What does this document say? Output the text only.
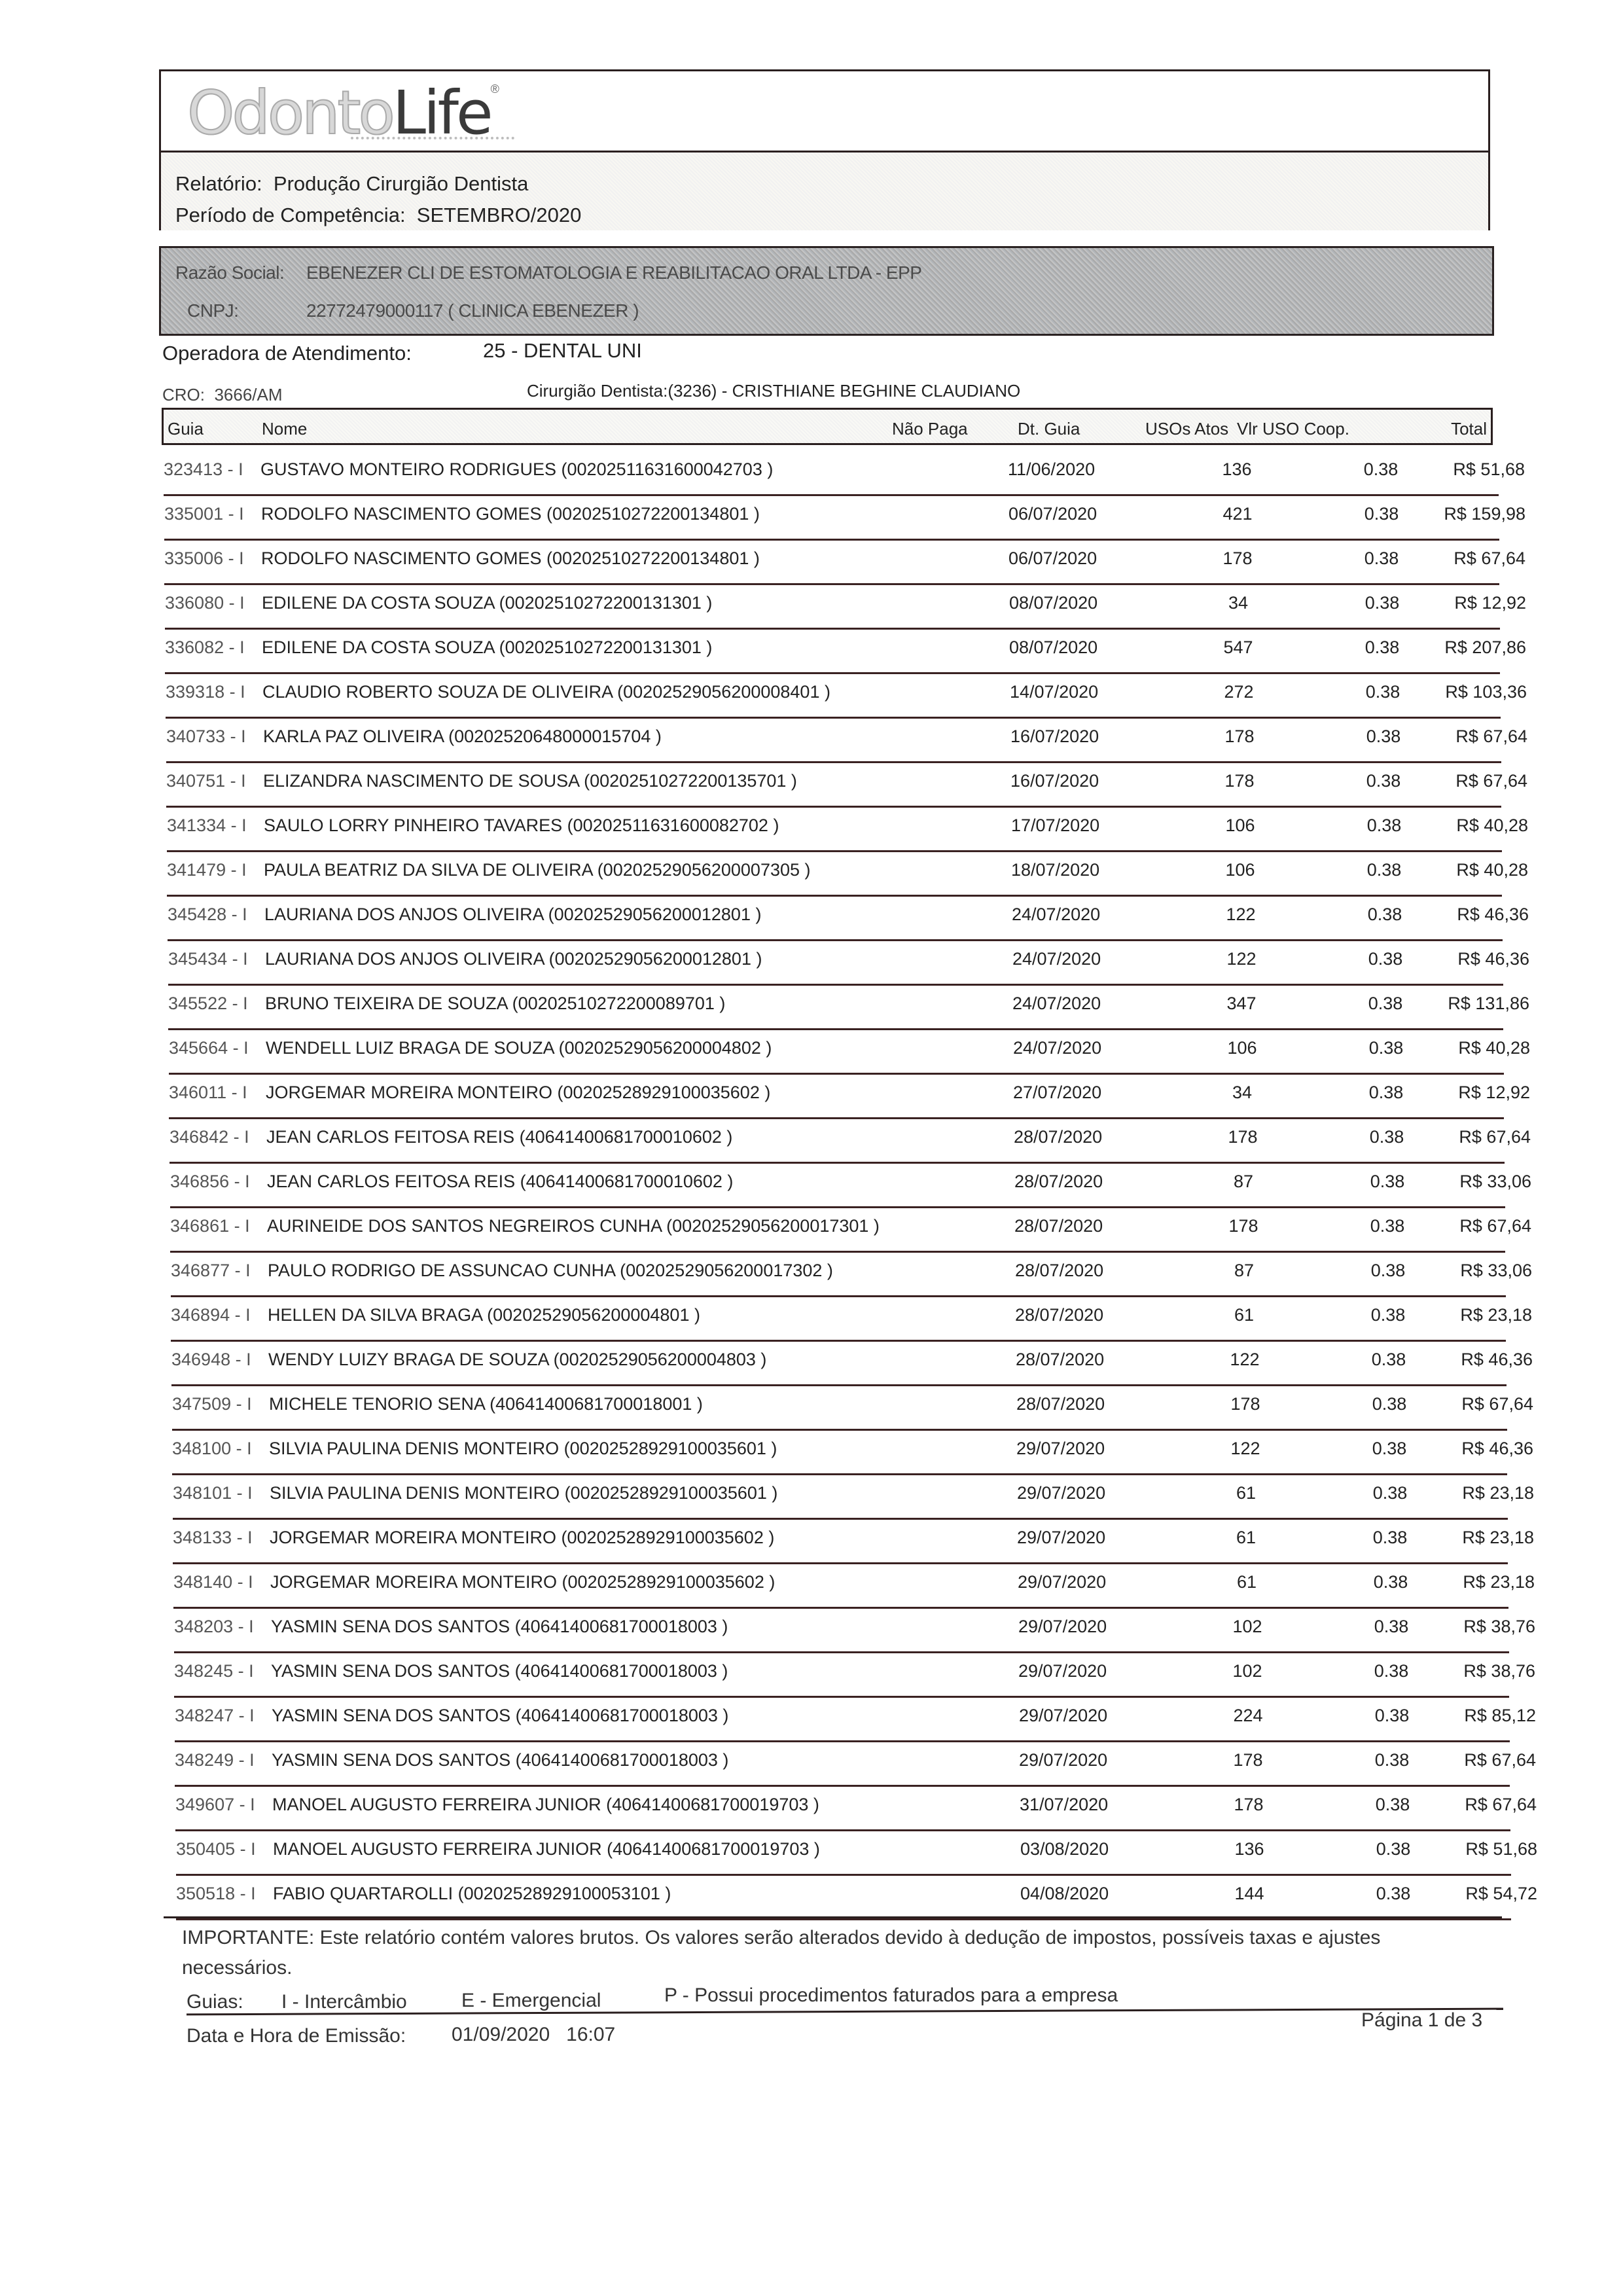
OdontoLife®
Relatório: Produção Cirurgião Dentista
Período de Competência: SETEMBRO/2020
Razão Social: EBENEZER CLI DE ESTOMATOLOGIA E REABILITACAO ORAL LTDA - EPP
CNPJ:	22772479000117 ( CLINICA EBENEZER )
Operadora de Atendimento:	25 - DENTAL UNI
CRO: 3666/AM	Cirurgião Dentista:(3236) - CRISTHIANE BEGHINE CLAUDIANO
Guia	Nome	Não Paga	Dt. Guia	USOs Atos Vlr USO Coop.	Total
323413 - I GUSTAVO MONTEIRO RODRIGUES (00202511631600042703 )	11/06/2020	136	0.38	R$ 51,68
335001 - I RODOLFO NASCIMENTO GOMES (00202510272200134801 )	06/07/2020	421	0.38	R$ 159,98
335006 - I RODOLFO NASCIMENTO GOMES (00202510272200134801 )	06/07/2020	178	0.38	R$ 67,64
336080 - I EDILENE DA COSTA SOUZA (00202510272200131301 )	08/07/2020	34	0.38	R$ 12,92
336082 - I EDILENE DA COSTA SOUZA (00202510272200131301 )	08/07/2020	547	0.38	R$ 207,86
339318 - I CLAUDIO ROBERTO SOUZA DE OLIVEIRA (00202529056200008401 )	14/07/2020	272	0.38	R$ 103,36
340733 - I KARLA PAZ OLIVEIRA (00202520648000015704 )	16/07/2020	178	0.38	R$ 67,64
340751 - I ELIZANDRA NASCIMENTO DE SOUSA (00202510272200135701 )	16/07/2020	178	0.38	R$ 67,64
341334 - I SAULO LORRY PINHEIRO TAVARES (00202511631600082702 )	17/07/2020	106	0.38	R$ 40,28
341479 - I PAULA BEATRIZ DA SILVA DE OLIVEIRA (00202529056200007305 )	18/07/2020	106	0.38	R$ 40,28
345428 - I LAURIANA DOS ANJOS OLIVEIRA (00202529056200012801 )	24/07/2020	122	0.38	R$ 46,36
345434 - I LAURIANA DOS ANJOS OLIVEIRA (00202529056200012801 )	24/07/2020	122	0.38	R$ 46,36
345522 - I BRUNO TEIXEIRA DE SOUZA (00202510272200089701 )	24/07/2020	347	0.38	R$ 131,86
345664 - I WENDELL LUIZ BRAGA DE SOUZA (00202529056200004802 )	24/07/2020	106	0.38	R$ 40,28
346011 - I JORGEMAR MOREIRA MONTEIRO (00202528929100035602 )	27/07/2020	34	0.38	R$ 12,92
346842 - I JEAN CARLOS FEITOSA REIS (40641400681700010602 )	28/07/2020	178	0.38	R$ 67,64
346856 - I JEAN CARLOS FEITOSA REIS (40641400681700010602 )	28/07/2020	87	0.38	R$ 33,06
346861 - I AURINEIDE DOS SANTOS NEGREIROS CUNHA (00202529056200017301 )	28/07/2020	178	0.38	R$ 67,64
346877 - I PAULO RODRIGO DE ASSUNCAO CUNHA (00202529056200017302 )	28/07/2020	87	0.38	R$ 33,06
346894 - I HELLEN DA SILVA BRAGA (00202529056200004801 )	28/07/2020	61	0.38	R$ 23,18
346948 - I WENDY LUIZY BRAGA DE SOUZA (00202529056200004803 )	28/07/2020	122	0.38	R$ 46,36
347509 - I MICHELE TENORIO SENA (40641400681700018001 )	28/07/2020	178	0.38	R$ 67,64
348100 - I SILVIA PAULINA DENIS MONTEIRO (00202528929100035601 )	29/07/2020	122	0.38	R$ 46,36
348101 - I SILVIA PAULINA DENIS MONTEIRO (00202528929100035601 )	29/07/2020	61	0.38	R$ 23,18
348133 - I JORGEMAR MOREIRA MONTEIRO (00202528929100035602 )	29/07/2020	61	0.38	R$ 23,18
348140 - I JORGEMAR MOREIRA MONTEIRO (00202528929100035602 )	29/07/2020	61	0.38	R$ 23,18
348203 - I YASMIN SENA DOS SANTOS (40641400681700018003 )	29/07/2020	102	0.38	R$ 38,76
348245 - I YASMIN SENA DOS SANTOS (40641400681700018003 )	29/07/2020	102	0.38	R$ 38,76
348247 - I YASMIN SENA DOS SANTOS (40641400681700018003 )	29/07/2020	224	0.38	R$ 85,12
348249 - I YASMIN SENA DOS SANTOS (40641400681700018003 )	29/07/2020	178	0.38	R$ 67,64
349607 - I MANOEL AUGUSTO FERREIRA JUNIOR (40641400681700019703 )	31/07/2020	178	0.38	R$ 67,64
350405 - I MANOEL AUGUSTO FERREIRA JUNIOR (40641400681700019703 )	03/08/2020	136	0.38	R$ 51,68
350518 - I FABIO QUARTAROLLI (00202528929100053101 )	04/08/2020	144	0.38	R$ 54,72
IMPORTANTE: Este relatório contém valores brutos. Os valores serão alterados devido à dedução de impostos, possíveis taxas e ajustes
necessários.
Guias: I - Intercâmbio	E - Emergencial	P - Possui procedimentos faturados para a empresa
Data e Hora de Emissão: 01/09/2020   16:07
Página 1 de 3
